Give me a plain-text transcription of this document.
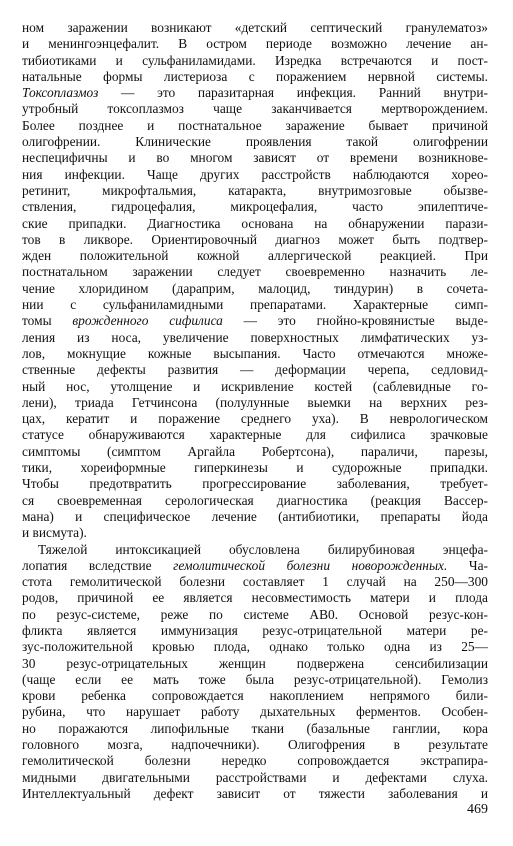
ном заражении возникают «детский септический гранулематоз»
и менингоэнцефалит. В остром периоде возможно лечение ан-
тибиотиками и сульфаниламидами. Изредка встречаются и пост-
натальные формы листериоза с поражением нервной системы.
Токсоплазмоз — это паразитарная инфекция. Ранний внутри-
утробный токсоплазмоз чаще заканчивается мертворождением.
Более позднее и постнатальное заражение бывает причиной
олигофрении. Клинические проявления такой олигофрении
неспецифичны и во многом зависят от времени возникнове-
ния инфекции. Чаще других расстройств наблюдаются хорео-
ретинит, микрофтальмия, катаракта, внутримозговые обызве-
ствления, гидроцефалия, микроцефалия, часто эпилептиче-
ские припадки. Диагностика основана на обнаружении парази-
тов в ликворе. Ориентировочный диагноз может быть подтвер-
жден положительной кожной аллергической реакцией. При
постнатальном заражении следует своевременно назначить ле-
чение хлоридином (дараприм, малоцид, тиндурин) в сочета-
нии с сульфаниламидными препаратами. Характерные симп-
томы врожденного сифилиса — это гнойно-кровянистые выде-
ления из носа, увеличение поверхностных лимфатических уз-
лов, мокнущие кожные высыпания. Часто отмечаются множе-
ственные дефекты развития — деформации черепа, седловид-
ный нос, утолщение и искривление костей (саблевидные го-
лени), триада Гетчинсона (полулунные выемки на верхних рез-
цах, кератит и поражение среднего уха). В неврологическом
статусе обнаруживаются характерные для сифилиса зрачковые
симптомы (симптом Аргайла Робертсона), параличи, парезы,
тики, хореиформные гиперкинезы и судорожные припадки.
Чтобы предотвратить прогрессирование заболевания, требует-
ся своевременная серологическая диагностика (реакция Вассер-
мана) и специфическое лечение (антибиотики, препараты йода
и висмута).
Тяжелой интоксикацией обусловлена билирубиновая энцефа-
лопатия вследствие гемолитической болезни новорожденных. Ча-
стота гемолитической болезни составляет 1 случай на 250—300
родов, причиной ее является несовместимость матери и плода
по резус-системе, реже по системе АВ0. Основой резус-кон-
фликта является иммунизация резус-отрицательной матери ре-
зус-положительной кровью плода, однако только одна из 25—
30 резус-отрицательных женщин подвержена сенсибилизации
(чаще если ее мать тоже была резус-отрицательной). Гемолиз
крови ребенка сопровождается накоплением непрямого били-
рубина, что нарушает работу дыхательных ферментов. Особен-
но поражаются липофильные ткани (базальные ганглии, кора
головного мозга, надпочечники). Олигофрения в результате
гемолитической болезни нередко сопровождается экстрапира-
мидными двигательными расстройствами и дефектами слуха.
Интеллектуальный дефект зависит от тяжести заболевания и
469
